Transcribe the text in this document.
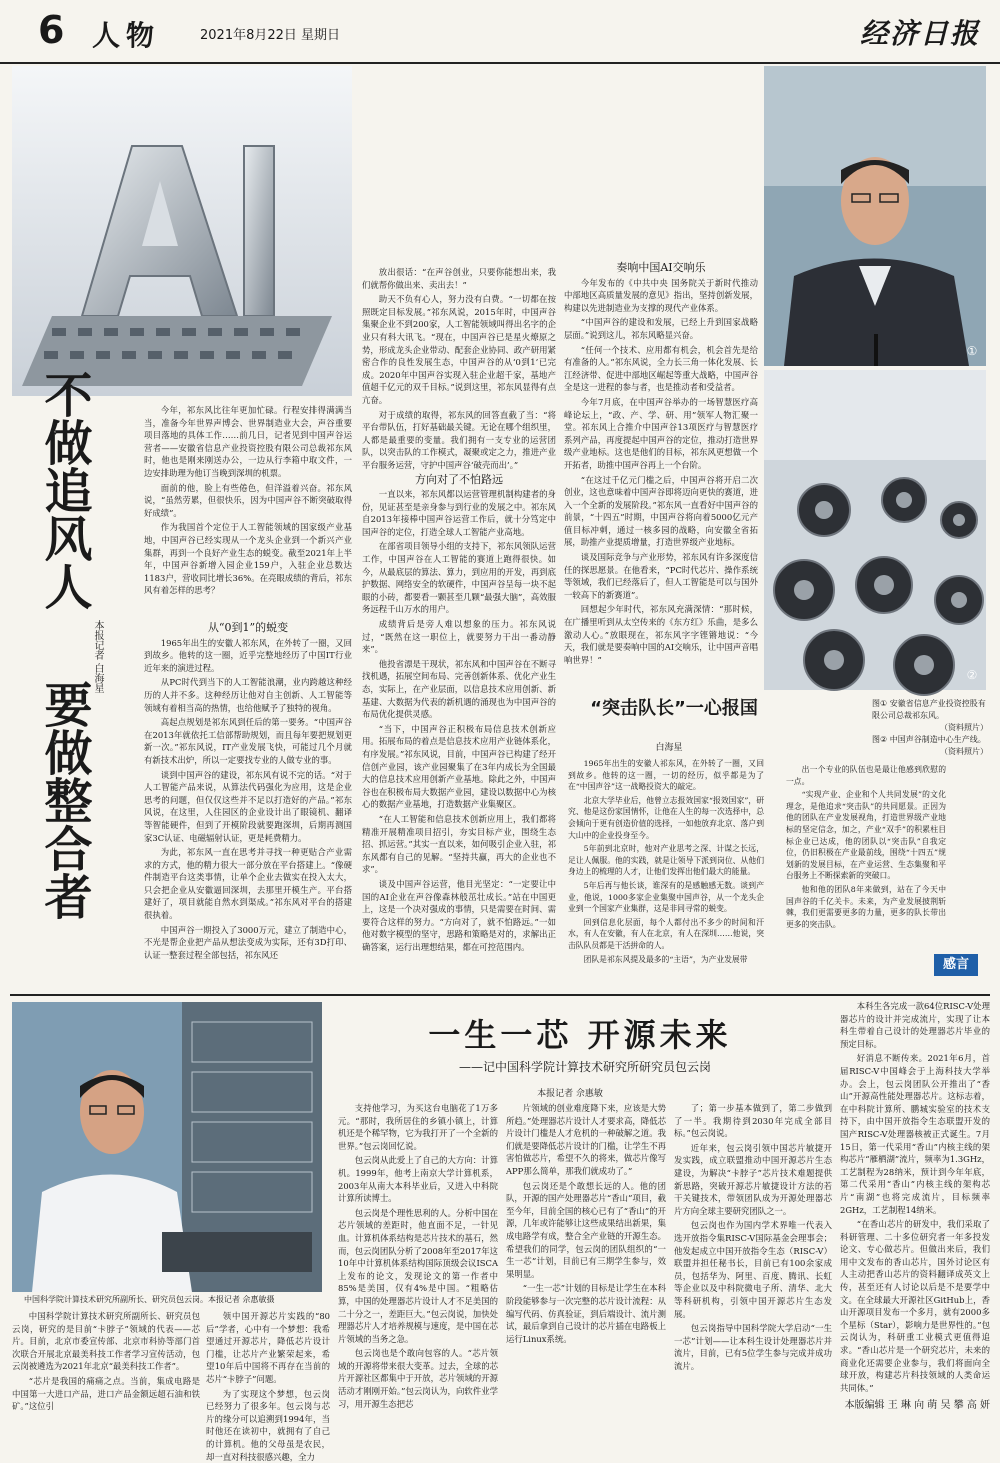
6 人物	2021年8月22日 星期日	经济日报
①
②
图① 安徽省信息产业投资控股有限公司总裁祁东风。
（资料照片）
图② 中国声谷制造中心生产线。
（资料照片）
不做追风人
要做整合者
本报记者 白海星

今年，祁东风比往年更加忙碌。行程安排得满满当当，准备今年世界声博会、世界制造业大会，声谷重要项目落地的具体工作……前几日，记者见到中国声谷运营者——安徽省信息产业投资控股有限公司总裁祁东风时，他也是刚来刚送办公，一边从行李箱中取文件，一边安排助理为他订当晚到深圳的机票。

面前的他，脸上有些倦色，但洋溢着兴奋。祁东风说，“虽然劳累，但很快乐，因为中国声谷不断突破取得好成绩”。

作为我国首个定位于人工智能领域的国家级产业基地，中国声谷已经实现从一个龙头企业到一个新兴产业集群，再到一个良好产业生态的蜕变。截至2021年上半年，中国声谷新增入园企业159户，入驻企业总数达1183户，营收同比增长36%。在亮眼成绩的背后，祁东风有着怎样的思考？

从“0到1”的蜕变

1965年出生的安徽人祁东风，在外转了一圈，又回到故乡。他转的这一圈，近乎完整地经历了中国IT行业近年来的演进过程。

从PC时代到当下的人工智能浪潮，业内跨越这种经历的人并不多。这种经历让他对自主创新、人工智能等领域有着相当高的热情，也给他赋予了独特的视角。

高起点规划是祁东风到任后的第一要务。“中国声谷在2013年就依托工信部帮助规划，而且每年要把规划更新一次。”祁东风说，IT产业发展飞快，可能过几个月就有新技术出炉，所以一定要找专业的人做专业的事。

谈到中国声谷的建设，祁东风有说不完的话。“对于人工智能产品来说，从算法代码强化为应用，这是企业思考的问题，但仅仅这些并不足以打造好的产品。”祁东风说，在这里，人住园区的企业设计出了眼镜机、翻译等智能硬件，但到了开模阶段就要跑深圳，后期再测国家3C认证、电磁辐射认证，更是耗费精力。

为此，祁东风一直在思考并寻找一种更贴合产业需求的方式，他的精力很大一部分放在平台搭建上。“像硬件制造平台这类事情，让单个企业去做实在投入太大，只会把企业从安徽逼回深圳，去那里开模生产。平台搭建好了，项目就能自然水到渠成。”祁东风对平台的搭建很执着。

中国声谷一期投入了3000万元，建立了制造中心，不光是帮企业把产品从想法变成为实际，还有3D打印、认证一整套过程全部包括，祁东风还

放出很话：“在声谷创业，只要你能想出来，我们就帮你做出来、卖出去！”

助天不负有心人，努力没有白费。“一切都在按照既定目标发展。”祁东风说，2015年时，中国声谷集聚企业不到200家，人工智能领域叫得出名字的企业只有科大讯飞。“现在，中国声谷已是星火燎原之势，形成龙头企业带动、配套企业协同、政产研用紧密合作的良性发展生态，中国声谷的从‘0到1’已完成。2020年中国声谷实现入驻企业超千家，基地产值超千亿元的双千目标。”说到这里，祁东风显得有点亢奋。

对于成绩的取得，祁东风的回答直截了当：“将平台带队伍，打好基础最关键。无论在哪个组织里，人都是最重要的变量。我们拥有一支专业的运营团队，以突击队的工作模式，凝聚或定之力，推进产业平台服务运营，守护中国声谷‘破壳而出’。”

方向对了不怕路远

一直以来，祁东风都以运营管理机制构建者的身份，见证甚至是亲身参与到行业的发展之中。祁东风自2013年接棒中国声谷运营工作后，就十分笃定中国声谷的定位，打造全球人工智能产业高地。

在部省项目领导小组的支持下，祁东风领队运营工作，中国声谷在人工智能的赛道上跑得很快。如今，从最底层的算法、算力，到应用的开发，再到底护数据、网络安全的软硬件，中国声谷呈每一块不起眼的小砖，都要看一颗甚至几颗“最强大脑”，高效服务远程千山万水的用户。

成绩背后是旁人难以想象的压力。祁东风说过，“既然在这一职位上，就要努力干出一番动静来”。

他投省漂是干现状，祁东风和中国声谷在不断寻找机遇，拓展空间布局、完善创新体系、优化产业生态，实际上，在产业层面，以信息技术应用创新、新基建、大数据为代表的新机遇的涌现也为中国声谷的布局优化提供灵感。

“当下，中国声谷正积极布局信息技术创新应用。拓展布局的着点是信息技术应用产业链体系化，有序发展。”祁东风说，目前，中国声谷已构建了经开信创产业园，该产业园聚集了在3年内成长为全国最大的信息技术应用创新产业基地。除此之外，中国声谷也在积极布局大数据产业园，建设以数据中心为核心的数据产业基地，打造数据产业集聚区。

“在人工智能和信息技术创新应用上，我们都将精准开展精准项目招引，夯实目标产业，围绕生态招、抓运营。”其实一直以来，如何吸引企业入驻，祁东风都有自己的见解。“坚持共赢，再大的企业也不求”。

谈及中国声谷运营，他目光坚定：“一定要让中国的AI企业在声谷像森林般茁壮成长。”站在中国更上，这是一个决对强成的事情，只是需要在时间、需要符合这样的努力。“方向对了，就不怕路远。”一如他对数字模型的坚守，思路和策略是对的，求解出正确答案，运行出理想结果，都在可控范围内。

奏响中国AI交响乐

今年发布的《中共中央 国务院关于新时代推动中部地区高质量发展的意见》指出，坚持创新发展，构建以先进制造业为支撑的现代产业体系。

“中国声谷的建设和发展，已经上升到国家战略层面。”说到这儿，祁东风略显兴奋。

“任何一个技术、应用都有机会，机会首先是给有准备的人。”祁东风说，全力长三角一体化发展、长江经济带、促进中部地区崛起等重大战略，中国声谷全是这一进程的参与者，也是推动者和受益者。

今年7月底，在中国声谷举办的一场智慧医疗高峰论坛上，“政、产、学、研、用”领军人物汇聚一堂。祁东风上合推介中国声谷13项医疗与智慧医疗系列产品，再度提起中国声谷的定位，推动打造世界级产业地标。这也是他们的目标，祁东风更想做一个开拓者，助推中国声谷再上一个台阶。

“在这过千亿元门槛之后，中国声谷将开启二次创业，这也意味着中国声谷即将迈向更快的赛道，进入一个全新的发展阶段。”祁东风一直看好中国声谷的前景，“十四五”时期，中国声谷将向着5000亿元产值目标冲刺，通过一核多园的战略，向安徽全省拓展，助推产业提质增量，打造世界级产业地标。

谈及国际竞争与产业形势，祁东风有许多深度信任的探思愿景。在他看来，“PC时代芯片、操作系统等领域，我们已经落后了，但人工智能是可以与国外一较高下的新赛道”。

回想起少年时代，祁东风充满深情：“那时候，在广播里听到从太空传来的《东方红》乐曲，是多么激动人心。”放眼现在，祁东风字字铿锵地说：“今天，我们就是要奏响中国的AI交响乐，让中国声音唱响世界！”

“突击队长”一心报国
白海星

1965年出生的安徽人祁东风，在外转了一圈，又回到故乡。他转的这一圈，一切的经历，似乎都是为了在“中国声谷”这一战略投资大的敲定。

北京大学毕业后，他曾立志报效国家“报效国家”，研究、他是这份家国情怀，让他在人生的每一次选择中，总会倾向于更有创造价值的选择，一如他放弃北京、落户到大山中的企业投身至今。

5年前到北京时，他对产业思考之深、计谋之长远，足让人佩服。他的实践，就是让领导下派到岗位、从他们身边上的梳理的人才，让他们发挥出他们最大的能量。

5年后再与他长谈，谁深有的是感触感无数。谈到产业，他说，1000多家企业集聚中国声谷，从一个龙头企业到一个国家产业集群，这是非同寻常的蜕变。

回到信息化层面，每个人都付出不多少的时间和汗水，有人在安徽，有人在北京，有人在深圳……他说，突击队队员都是干活拼命的人。

团队是祁东风提及最多的“主语”，为产业发展带

出一个专业的队伍也是最让他感到欣慰的一点。

“实现产业、企业和个人共同发展”的文化理念，是他追求“突击队”的共同愿景。正因为他的团队在产业发展视角，打造世界级产业地标的坚定信念，加之，产业“双手”的积累柱目标企业已达成，他的团队以“突击队”自我定位，仍旧积极在产业最前线，围绕“十四五”规划新的发展目标，在产业运营、生态集聚和平台服务上不断探索新的突破口。

他和他的团队8年来做到，站在了今天中国声谷的千亿关卡。未来，为产业发展披荆斩棘，我们更需要更多的力量，更多的队长带出更多的突击队。

感言
中国科学院计算技术研究所副所长、研究员包云岗。本报记者 佘惠敏摄
一生一芯 开源未来
——记中国科学院计算技术研究所研究员包云岗
本报记者 佘惠敏

中国科学院计算技术研究所副所长、研究员包云岗，研究的是目前“卡脖子”领域的代表——芯片。目前，北京市委宣传部、北京市科协等部门首次联合开展北京最美科技工作者学习宣传活动，包云岗被遴选为2021年北京“最美科技工作者”。

“芯片是我国的痛痛之点。当前，集成电路是中国第一大进口产品，进口产品金额远超石油和铁矿。”这位引

领中国开源芯片实践的“80后”学者，心中有一个梦想：我希望通过开源芯片，降低芯片设计门槛，让芯片产业繁荣起来，希望10年后中国将不再存在当前的芯片“卡脖子”问题。

为了实现这个梦想，包云岗已经努力了很多年。包云岗与芯片的缘分可以追溯到1994年，当时他还在读初中，就拥有了自己的计算机。他的父母虽是农民，却一直对科技很感兴趣，全力

支持他学习，为买这台电脑花了1万多元。“那时，我所居住的乡镇小镇上，计算机还是个稀罕物，它为我打开了一个全新的世界。”包云岗回忆说。

包云岗从此爱上了自己的大方向：计算机。1999年，他考上南京大学计算机系，2003年从南大本科毕业后，又进入中科院计算所读博士。

包云岗是个理性思利的人。分析中国在芯片领域的差距时，他直面不足，一针见血。计算机体系结构是芯片技术的基石，然而，包云岗团队分析了2008年至2017年这10年中计算机体系结构国际顶级会议ISCA上发布的论文，发现论文的第一作者中85%是美国，仅有4%是中国。“粗略估算，中国的处理器芯片设计人才不足美国的二十分之一，差距巨大。”包云岗说，加快处理器芯片人才培养规模与速度，是中国在芯片领域的当务之急。

包云岗也是个敢向包容的人。“芯片领域的开源将带来很大变革。过去，全球的芯片开源社区都集中于开放，芯片领域的开源活动才刚刚开始。”包云岗认为，向软件业学习，用开源生态把芯

片领域的创业难度降下来，应该是大势所趋。”处理器芯片设计人才要求高，降低芯片设计门槛是人才危机的一种破解之道。我们就是要降低芯片设计的门槛，让学生不再害怕做芯片，希望不久的将来，做芯片像写APP那么简单，那我们就成功了。”

包云岗还是个敢想长远的人。他的团队，开源的国产处理器芯片“香山”项目，截至今年，目前全国的核心已有了“香山”的开源，几年或许能够让这些成果结出新果，集成电路学有成，整合全产业链的开源生态。希望我们的同学，包云岗的团队组织的“一生一芯”计划，目前已有三期学生参与，效果明显。

“一生一芯”计划的目标是让学生在本科阶段能够参与一次完整的芯片设计流程：从编写代码、仿真验证，到后端设计、流片测试，最后拿到自己设计的芯片插在电路板上运行Linux系统。

了；第一步基本做到了，第二步做到了一半。我期待到2030年完成全部目标。”包云岗说。

近年来，包云岗引领中国芯片敏捷开发实践，成立联盟推动中国开源芯片生态建设，为解决“卡脖子”芯片技术难题提供新思路，突破开源芯片敏捷设计方法的若干关键技术，带领团队成为开源处理器芯片方向全球主要研究团队之一。

包云岗也作为国内学术界唯一代表入选开放指令集RISC-V国际基金会理事会；他发起成立中国开放指令生态（RISC-V）联盟并担任秘书长，目前已有100余家成员，包括华为、阿里、百度、腾讯、长虹等企业以及中科院微电子所、清华、北大等科研机构，引领中国开源芯片生态发展。

包云岗指导中国科学院大学启动“一生一芯”计划——让本科生设计处理器芯片并流片，目前，已有5位学生参与完成并成功流片。

本科生各完成一款64位RISC-V处理器芯片的设计并完成流片，实现了让本科生带着自己设计的处理器芯片毕业的预定目标。

好消息不断传来。2021年6月，首届RISC-V中国峰会于上海科技大学举办。会上，包云岗团队公开推出了“香山”开源高性能处理器芯片。这标志着，在中科院计算所、鹏城实验室的技术支持下，由中国开放指令生态联盟开发的国产RISC-V处理器核被正式诞生。7月15日，第一代采用“香山”内核主线的架构芯片“雁栖湖”流片，频率为1.3GHz，工艺制程为28纳米，预计到今年年底，第二代采用“香山”内核主线的架构芯片“南湖”也将完成流片，目标频率2GHz，工艺制程14纳米。

“在香山芯片的研发中，我们采取了科研管理、二十多位研究者一年多投发论文、专心做芯片。但做出来后，我们用中文发布的香山芯片，国外讨论区有人主动把香山芯片的资料翻译成英文上传，甚至还有人讨论以后是不是要学中文。在全球最大开源社区GitHub上，香山开源项目发布一个多月，就有2000多个星标（Star），影响力是世界性的。”包云岗认为，科研重工业模式更值得追求。“香山芯片是一个研究芯片，未来的商业化还需要企业参与，我们将面向全球开放，构建芯片科技领域的人类命运共同体。”

本版编辑 王 琳 向 萌 吴 攀 高 妍
